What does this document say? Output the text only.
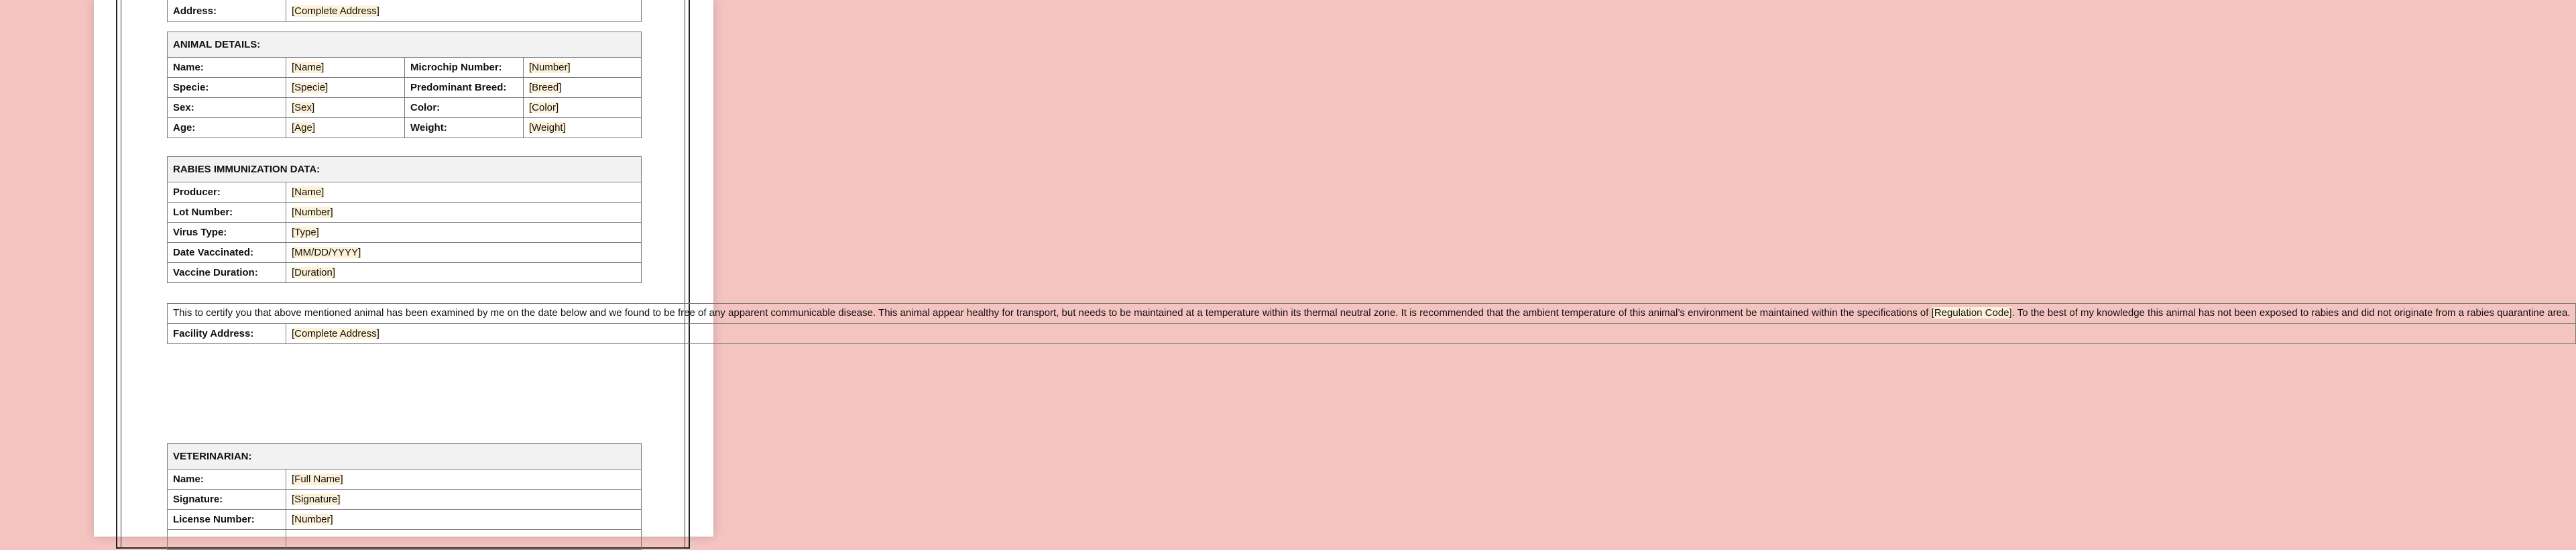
Address:	[Complete Address]
ANIMAL DETAILS:			
Name:	[Name]	Microchip Number:	[Number]
Specie:	[Specie]	Predominant Breed:	[Breed]
Sex:	[Sex]	Color:	[Color]
Age:	[Age]	Weight:	[Weight]
RABIES IMMUNIZATION DATA:	
Producer:	[Name]
Lot Number:	[Number]
Virus Type:	[Type]
Date Vaccinated:	[MM/DD/YYYY]
Vaccine Duration:	[Duration]
This to certify you that above mentioned animal has been examined by me on the date below and we found to be free of any apparent communicable disease. This animal appear healthy for transport, but needs to be maintained at a temperature within its thermal neutral zone. It is recommended that the ambient temperature of this animal’s environment be maintained within the specifications of [Regulation Code]. To the best of my knowledge this animal has not been exposed to rabies and did not originate from a rabies quarantine area.
Facility Address:	[Complete Address]
VETERINARIAN:	
Name:	[Full Name]
Signature:	[Signature]
License Number:	[Number]
